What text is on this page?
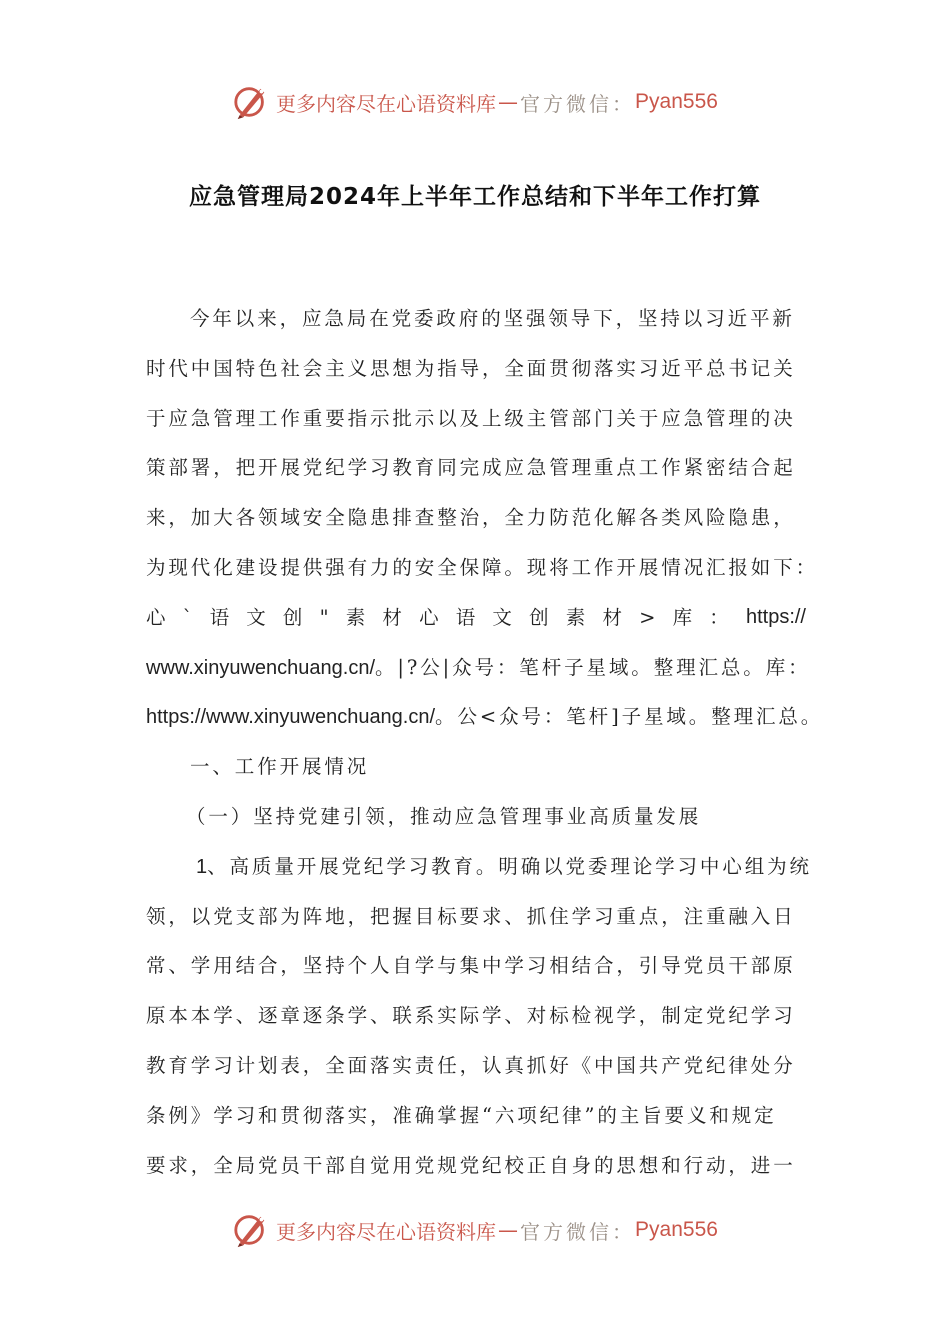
更多内容尽在心语资料库 — 官方微信： Pyan556
应急管理局2024年上半年工作总结和下半年工作打算
今年以来，应急局在党委政府的坚强领导下，坚持以习近平新
时代中国特色社会主义思想为指导，全面贯彻落实习近平总书记关
于应急管理工作重要指示批示以及上级主管部门关于应急管理的决
策部署，把开展党纪学习教育同完成应急管理重点工作紧密结合起
来，加大各领域安全隐患排查整治，全力防范化解各类风险隐患，
为现代化建设提供强有力的安全保障。现将工作开展情况汇报如下：
心 ` 语 文 创 " 素 材 心 语 文 创 素 材 > 库 ： https://
www.xinyuwenchuang.cn/。|?公|众号：笔杆子星域。整理汇总。库：
https://www.xinyuwenchuang.cn/。公<众号：笔杆]子星域。整理汇总。
一、工作开展情况
（一）坚持党建引领，推动应急管理事业高质量发展
1、高质量开展党纪学习教育。明确以党委理论学习中心组为统
领，以党支部为阵地，把握目标要求、抓住学习重点，注重融入日
常、学用结合，坚持个人自学与集中学习相结合，引导党员干部原
原本本学、逐章逐条学、联系实际学、对标检视学，制定党纪学习
教育学习计划表，全面落实责任，认真抓好《中国共产党纪律处分
条例》学习和贯彻落实，准确掌握“六项纪律”的主旨要义和规定
要求，全局党员干部自觉用党规党纪校正自身的思想和行动，进一
更多内容尽在心语资料库 — 官方微信： Pyan556
